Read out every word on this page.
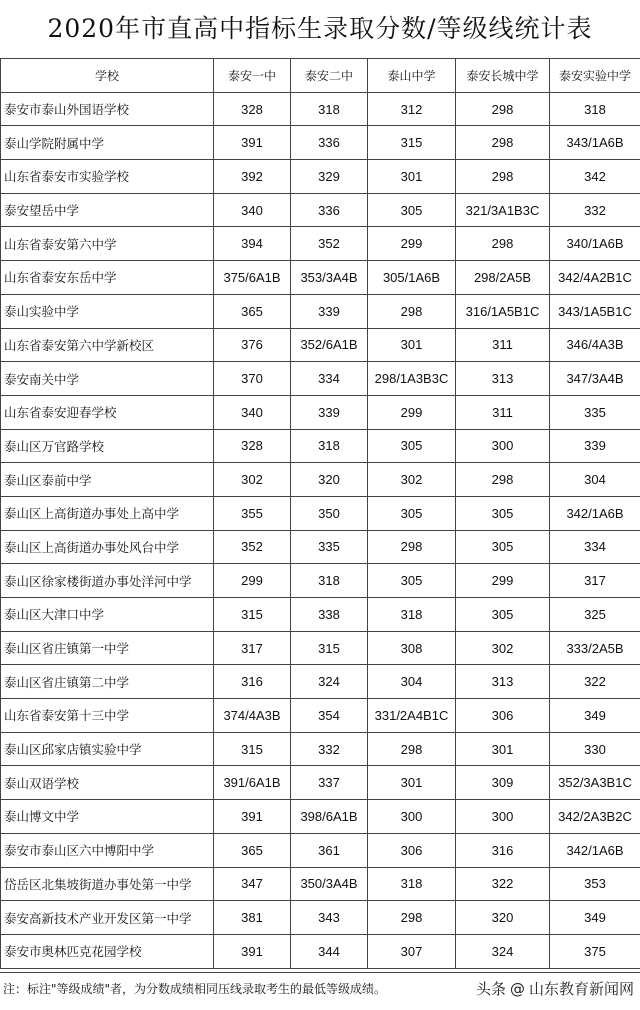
2020年市直高中指标生录取分数/等级线统计表
学校	泰安一中	泰安二中	泰山中学	泰安长城中学	泰安实验中学
泰安市泰山外国语学校	328	318	312	298	318
泰山学院附属中学	391	336	315	298	343/1A6B
山东省泰安市实验学校	392	329	301	298	342
泰安望岳中学	340	336	305	321/3A1B3C	332
山东省泰安第六中学	394	352	299	298	340/1A6B
山东省泰安东岳中学	375/6A1B	353/3A4B	305/1A6B	298/2A5B	342/4A2B1C
泰山实验中学	365	339	298	316/1A5B1C	343/1A5B1C
山东省泰安第六中学新校区	376	352/6A1B	301	311	346/4A3B
泰安南关中学	370	334	298/1A3B3C	313	347/3A4B
山东省泰安迎春学校	340	339	299	311	335
泰山区万官路学校	328	318	305	300	339
泰山区泰前中学	302	320	302	298	304
泰山区上高街道办事处上高中学	355	350	305	305	342/1A6B
泰山区上高街道办事处风台中学	352	335	298	305	334
泰山区徐家楼街道办事处洋河中学	299	318	305	299	317
泰山区大津口中学	315	338	318	305	325
泰山区省庄镇第一中学	317	315	308	302	333/2A5B
泰山区省庄镇第二中学	316	324	304	313	322
山东省泰安第十三中学	374/4A3B	354	331/2A4B1C	306	349
泰山区邱家店镇实验中学	315	332	298	301	330
泰山双语学校	391/6A1B	337	301	309	352/3A3B1C
泰山博文中学	391	398/6A1B	300	300	342/2A3B2C
泰安市泰山区六中博阳中学	365	361	306	316	342/1A6B
岱岳区北集坡街道办事处第一中学	347	350/3A4B	318	322	353
泰安高新技术产业开发区第一中学	381	343	298	320	349
泰安市奥林匹克花园学校	391	344	307	324	375
注：标注"等级成绩"者，为分数成绩相同压线录取考生的最低等级成绩。	头条 @ 山东教育新闻网
